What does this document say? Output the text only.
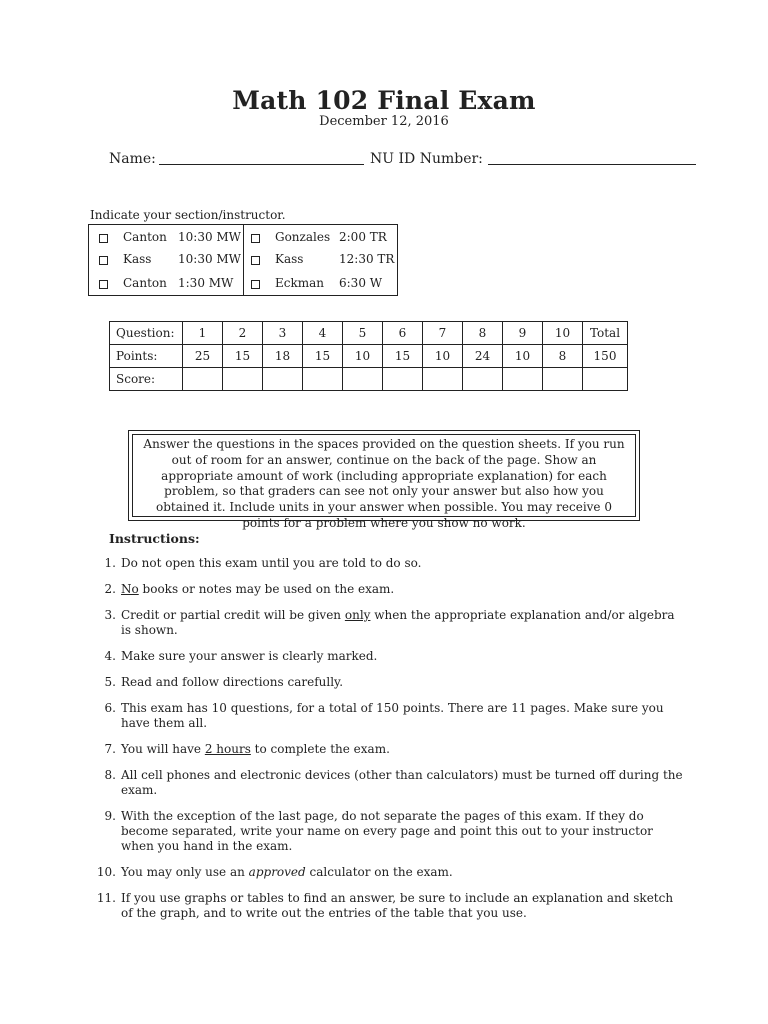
Math 102 Final Exam
December 12, 2016
Name:	NU ID Number:
Indicate your section/instructor.
Canton 10:30 MW
Kass 10:30 MW
Canton 1:30 MW
Gonzales 2:00 TR
Kass	12:30 TR
Eckman 6:30 W
Question:	1	2	3	4	5	6	7	8	9	10	Total
Points:	25	15	18	15	10	15	10	24	10	8	150
Score:											
Answer the questions in the spaces provided on the question sheets. If you run out of room for an answer, continue on the back of the page. Show an appropriate amount of work (including appropriate explanation) for each problem, so that graders can see not only your answer but also how you obtained it. Include units in your answer when possible. You may receive 0 points for a problem where you show no work.
Instructions:
1. Do not open this exam until you are told to do so.
2. No books or notes may be used on the exam.
3. Credit or partial credit will be given only when the appropriate explanation and/or algebra is shown.
4. Make sure your answer is clearly marked.
5. Read and follow directions carefully.
6. This exam has 10 questions, for a total of 150 points. There are 11 pages. Make sure you have them all.
7. You will have 2 hours to complete the exam.
8. All cell phones and electronic devices (other than calculators) must be turned off during the exam.
9. With the exception of the last page, do not separate the pages of this exam. If they do become separated, write your name on every page and point this out to your instructor when you hand in the exam.
10. You may only use an approved calculator on the exam.
11. If you use graphs or tables to find an answer, be sure to include an explanation and sketch of the graph, and to write out the entries of the table that you use.
